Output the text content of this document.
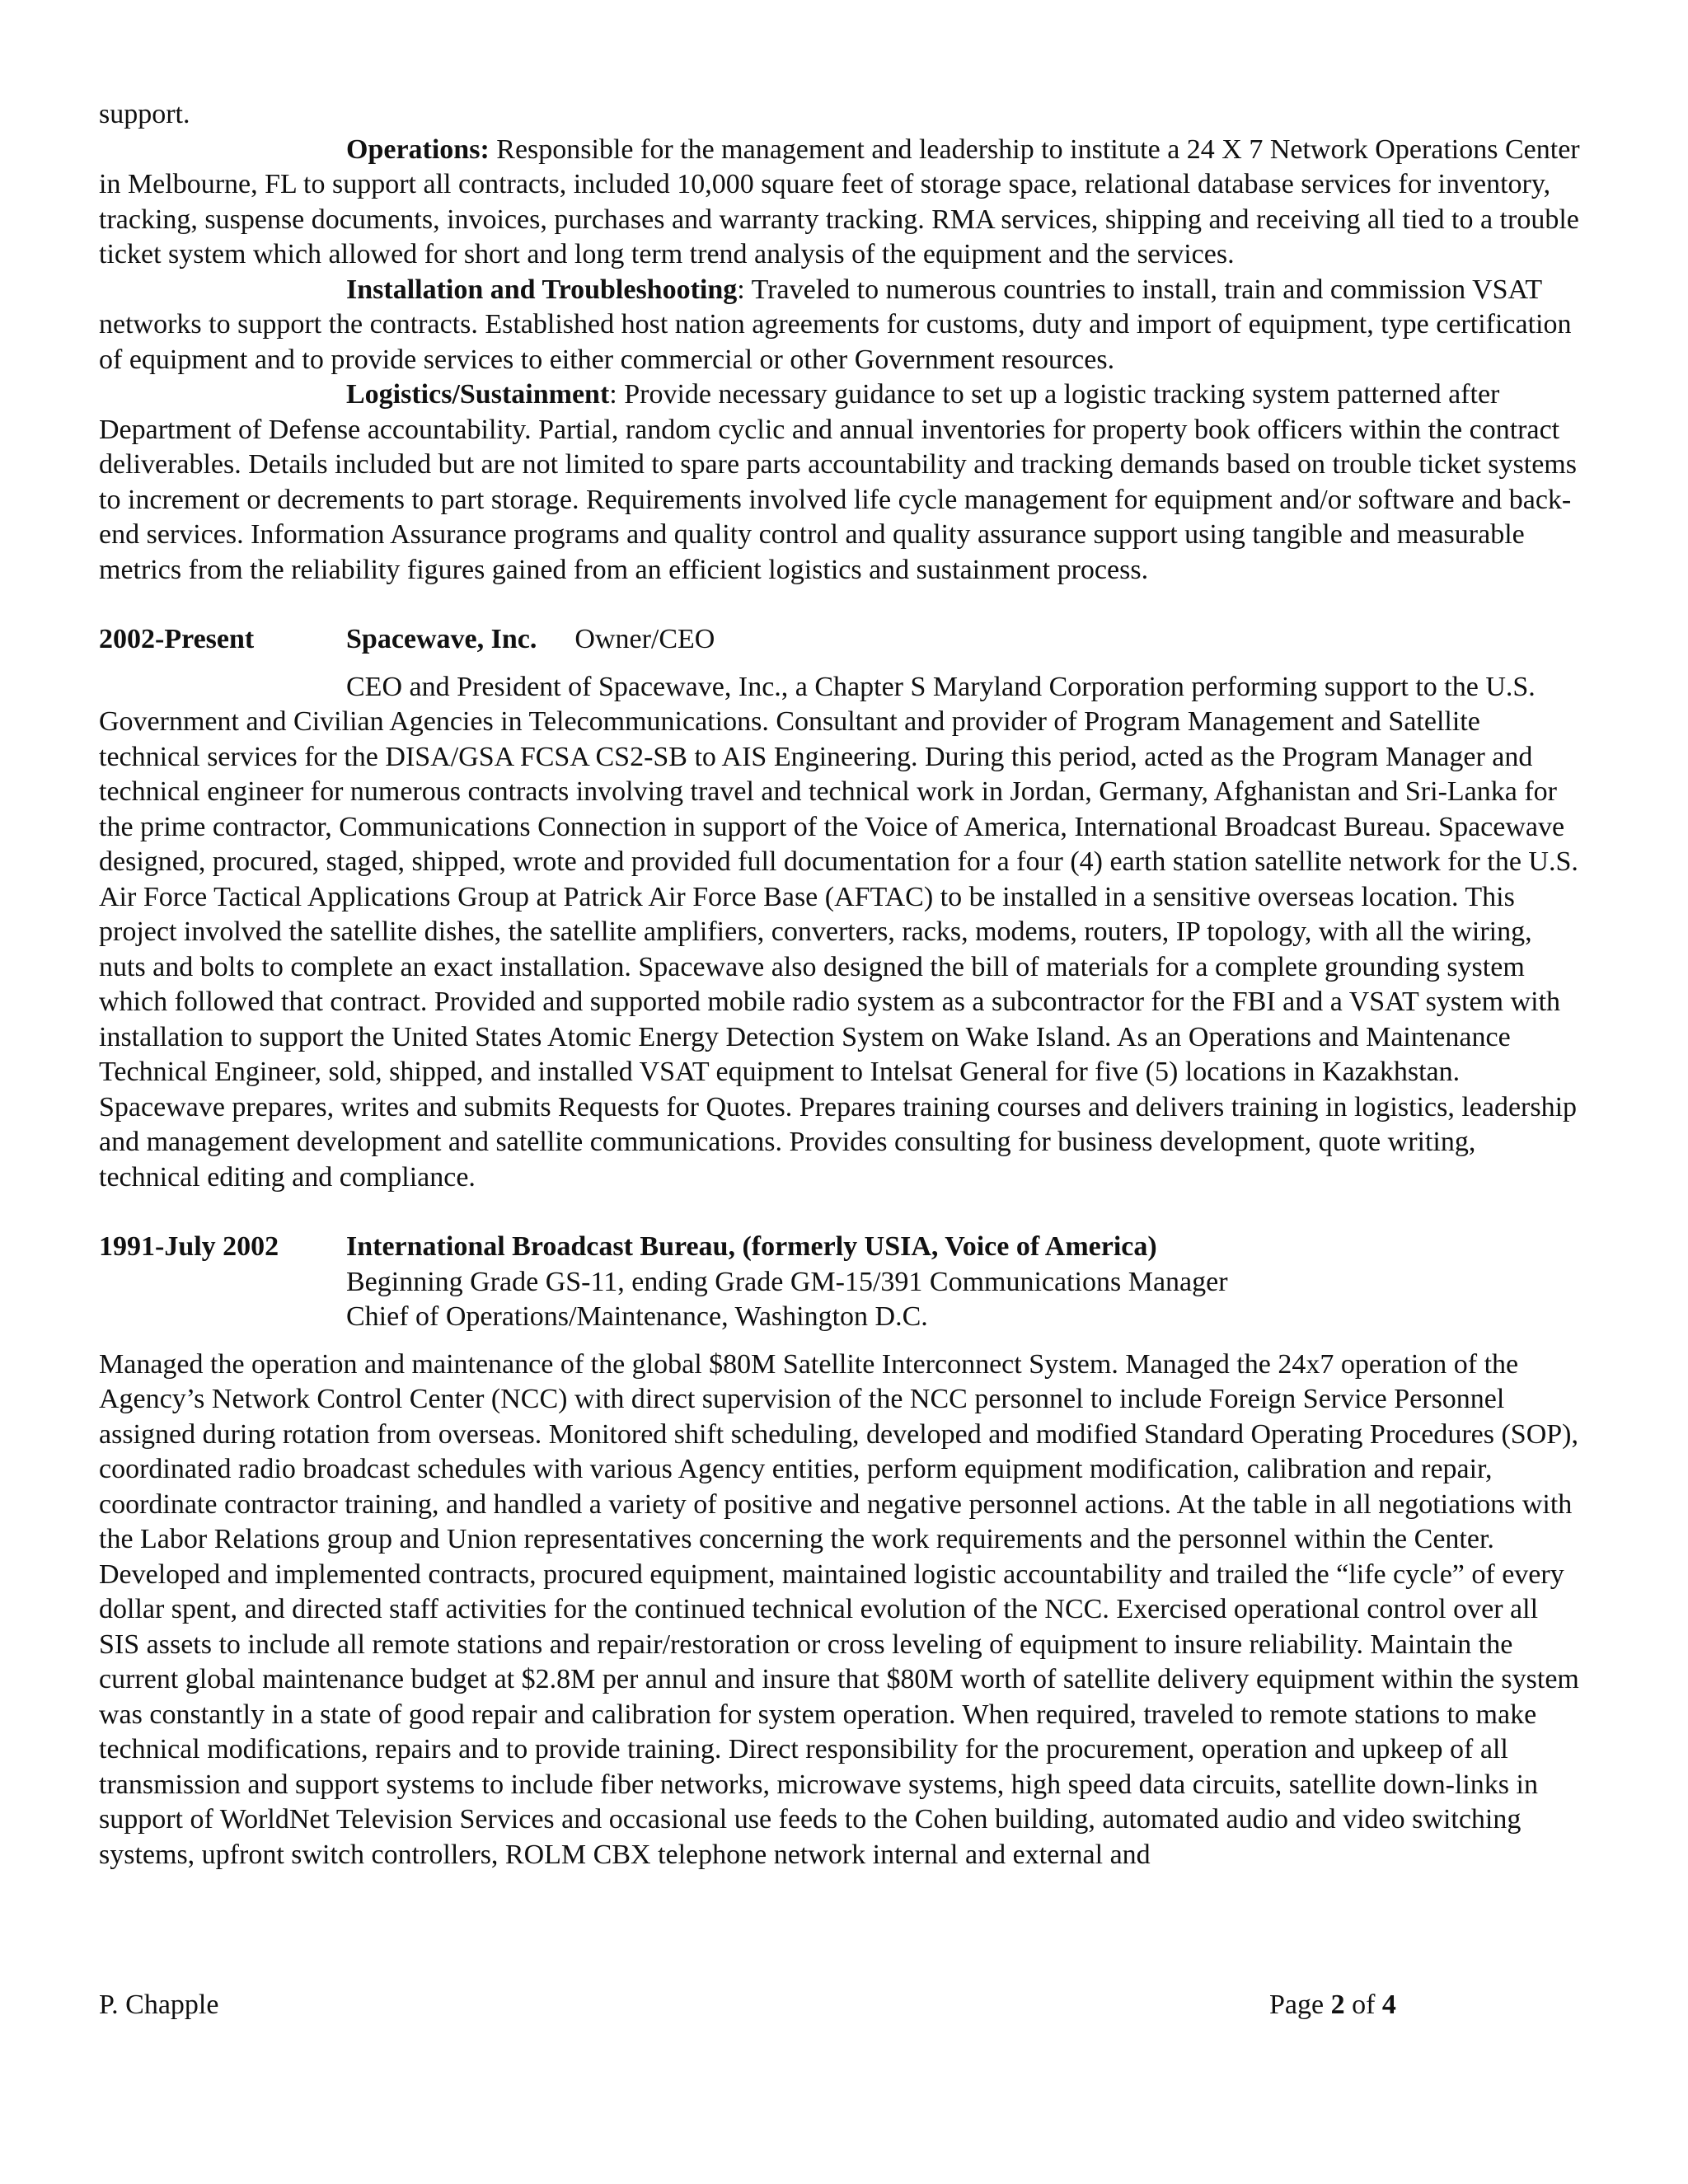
support.

Operations: Responsible for the management and leadership to institute a 24 X 7 Network Operations Center in Melbourne, FL to support all contracts, included 10,000 square feet of storage space, relational database services for inventory, tracking, suspense documents, invoices, purchases and warranty tracking. RMA services, shipping and receiving all tied to a trouble ticket system which allowed for short and long term trend analysis of the equipment and the services.

Installation and Troubleshooting: Traveled to numerous countries to install, train and commission VSAT networks to support the contracts. Established host nation agreements for customs, duty and import of equipment, type certification of equipment and to provide services to either commercial or other Government resources.

Logistics/Sustainment: Provide necessary guidance to set up a logistic tracking system patterned after Department of Defense accountability. Partial, random cyclic and annual inventories for property book officers within the contract deliverables. Details included but are not limited to spare parts accountability and tracking demands based on trouble ticket systems to increment or decrements to part storage. Requirements involved life cycle management for equipment and/or software and back-end services. Information Assurance programs and quality control and quality assurance support using tangible and measurable metrics from the reliability figures gained from an efficient logistics and sustainment process.

2002-Present	Spacewave, Inc. Owner/CEO

CEO and President of Spacewave, Inc., a Chapter S Maryland Corporation performing support to the U.S. Government and Civilian Agencies in Telecommunications. Consultant and provider of Program Management and Satellite technical services for the DISA/GSA FCSA CS2-SB to AIS Engineering. During this period, acted as the Program Manager and technical engineer for numerous contracts involving travel and technical work in Jordan, Germany, Afghanistan and Sri-Lanka for the prime contractor, Communications Connection in support of the Voice of America, International Broadcast Bureau. Spacewave designed, procured, staged, shipped, wrote and provided full documentation for a four (4) earth station satellite network for the U.S. Air Force Tactical Applications Group at Patrick Air Force Base (AFTAC) to be installed in a sensitive overseas location. This project involved the satellite dishes, the satellite amplifiers, converters, racks, modems, routers, IP topology, with all the wiring, nuts and bolts to complete an exact installation. Spacewave also designed the bill of materials for a complete grounding system which followed that contract. Provided and supported mobile radio system as a subcontractor for the FBI and a VSAT system with installation to support the United States Atomic Energy Detection System on Wake Island. As an Operations and Maintenance Technical Engineer, sold, shipped, and installed VSAT equipment to Intelsat General for five (5) locations in Kazakhstan. Spacewave prepares, writes and submits Requests for Quotes. Prepares training courses and delivers training in logistics, leadership and management development and satellite communications. Provides consulting for business development, quote writing, technical editing and compliance.

1991-July 2002 International Broadcast Bureau, (formerly USIA, Voice of America)
Beginning Grade GS-11, ending Grade GM-15/391 Communications Manager
Chief of Operations/Maintenance, Washington D.C.

Managed the operation and maintenance of the global $80M Satellite Interconnect System. Managed the 24x7 operation of the Agency’s Network Control Center (NCC) with direct supervision of the NCC personnel to include Foreign Service Personnel assigned during rotation from overseas. Monitored shift scheduling, developed and modified Standard Operating Procedures (SOP), coordinated radio broadcast schedules with various Agency entities, perform equipment modification, calibration and repair, coordinate contractor training, and handled a variety of positive and negative personnel actions. At the table in all negotiations with the Labor Relations group and Union representatives concerning the work requirements and the personnel within the Center. Developed and implemented contracts, procured equipment, maintained logistic accountability and trailed the “life cycle” of every dollar spent, and directed staff activities for the continued technical evolution of the NCC. Exercised operational control over all SIS assets to include all remote stations and repair/restoration or cross leveling of equipment to insure reliability. Maintain the current global maintenance budget at $2.8M per annul and insure that $80M worth of satellite delivery equipment within the system was constantly in a state of good repair and calibration for system operation. When required, traveled to remote stations to make technical modifications, repairs and to provide training. Direct responsibility for the procurement, operation and upkeep of all transmission and support systems to include fiber networks, microwave systems, high speed data circuits, satellite down-links in support of WorldNet Television Services and occasional use feeds to the Cohen building, automated audio and video switching systems, upfront switch controllers, ROLM CBX telephone network internal and external and

P. Chapple	Page 2 of 4
